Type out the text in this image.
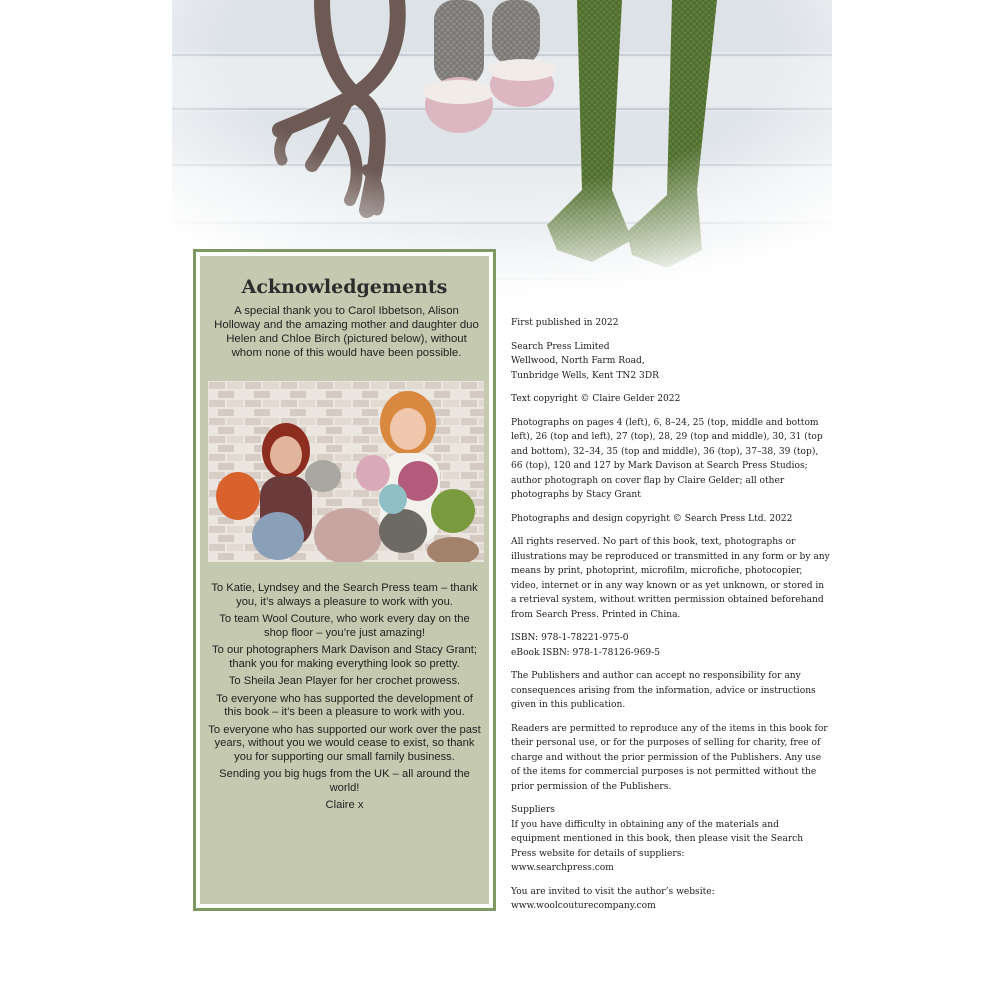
Acknowledgements

A special thank you to Carol Ibbetson, Alison Holloway and the amazing mother and daughter duo Helen and Chloe Birch (pictured below), without whom none of this would have been possible.

To Katie, Lyndsey and the Search Press team – thank you, it’s always a pleasure to work with you.

To team Wool Couture, who work every day on the shop floor – you’re just amazing!

To our photographers Mark Davison and Stacy Grant; thank you for making everything look so pretty.

To Sheila Jean Player for her crochet prowess.

To everyone who has supported the development of this book – it’s been a pleasure to work with you.

To everyone who has supported our work over the past years, without you we would cease to exist, so thank you for supporting our small family business.

Sending you big hugs from the UK – all around the world!

Claire x

First published in 2022

Search Press Limited
Wellwood, North Farm Road,
Tunbridge Wells, Kent TN2 3DR

Text copyright © Claire Gelder 2022

Photographs on pages 4 (left), 6, 8–24, 25 (top, middle and bottom left), 26 (top and left), 27 (top), 28, 29 (top and middle), 30, 31 (top and bottom), 32–34, 35 (top and middle), 36 (top), 37–38, 39 (top), 66 (top), 120 and 127 by Mark Davison at Search Press Studios; author photograph on cover flap by Claire Gelder; all other photographs by Stacy Grant

Photographs and design copyright © Search Press Ltd. 2022

All rights reserved. No part of this book, text, photographs or illustrations may be reproduced or transmitted in any form or by any means by print, photoprint, microfilm, microfiche, photocopier, video, internet or in any way known or as yet unknown, or stored in a retrieval system, without written permission obtained beforehand from Search Press. Printed in China.

ISBN: 978-1-78221-975-0
eBook ISBN: 978-1-78126-969-5

The Publishers and author can accept no responsibility for any consequences arising from the information, advice or instructions given in this publication.

Readers are permitted to reproduce any of the items in this book for their personal use, or for the purposes of selling for charity, free of charge and without the prior permission of the Publishers. Any use of the items for commercial purposes is not permitted without the prior permission of the Publishers.

Suppliers
If you have difficulty in obtaining any of the materials and equipment mentioned in this book, then please visit the Search Press website for details of suppliers:
www.searchpress.com

You are invited to visit the author’s website:
www.woolcouturecompany.com
